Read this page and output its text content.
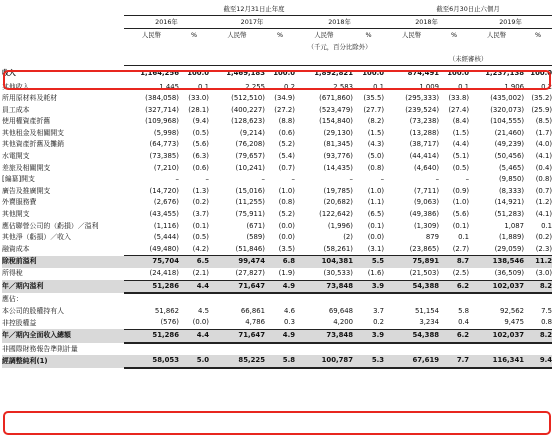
	截至12月31日止年度						截至6月30日止六個月			
	2016年		2017年		2018年		2018年		2019年	
	人民幣	%	人民幣	%	人民幣	%	人民幣	%	人民幣	%
					（千元，百分比除外）					
							（未經審核）			
收入	1,164,256	100.0	1,469,183	100.0	1,892,821	100.0	874,491	100.0	1,237,138	100.0
其他收入	1,445	0.1	2,255	0.2	2,583	0.1	1,009	0.1	1,906	0.2
所用原材料及耗材	(384,058)	(33.0)	(512,510)	(34.9)	(671,860)	(35.5)	(295,333)	(33.8)	(435,002)	(35.2)
員工成本	(327,714)	(28.1)	(400,227)	(27.2)	(523,479)	(27.7)	(239,524)	(27.4)	(320,073)	(25.9)
使用權資產折舊	(109,968)	(9.4)	(128,623)	(8.8)	(154,840)	(8.2)	(73,238)	(8.4)	(104,555)	(8.5)
其他租金及相關開支	(5,998)	(0.5)	(9,214)	(0.6)	(29,130)	(1.5)	(13,288)	(1.5)	(21,460)	(1.7)
其他資產折舊及攤銷	(64,773)	(5.6)	(76,208)	(5.2)	(81,345)	(4.3)	(38,717)	(4.4)	(49,239)	(4.0)
水電開支	(73,385)	(6.3)	(79,657)	(5.4)	(93,776)	(5.0)	(44,414)	(5.1)	(50,456)	(4.1)
差旅及相關開支	(7,210)	(0.6)	(10,241)	(0.7)	(14,435)	(0.8)	(4,640)	(0.5)	(5,465)	(0.4)
[編纂]開支	–	–	–	–	–	–	–	–	(9,850)	(0.8)
廣告及推廣開支	(14,720)	(1.3)	(15,016)	(1.0)	(19,785)	(1.0)	(7,711)	(0.9)	(8,333)	(0.7)
外賣服務費	(2,676)	(0.2)	(11,255)	(0.8)	(20,682)	(1.1)	(9,063)	(1.0)	(14,921)	(1.2)
其他開支	(43,455)	(3.7)	(75,911)	(5.2)	(122,642)	(6.5)	(49,386)	(5.6)	(51,283)	(4.1)
應佔聯營公司的（虧損）／溢利	(1,116)	(0.1)	(671)	(0.0)	(1,996)	(0.1)	(1,309)	(0.1)	1,087	0.1
其他淨（虧損）／收入	(5,444)	(0.5)	(589)	(0.0)	(2)	(0.0)	879	0.1	(1,889)	(0.2)
融資成本	(49,480)	(4.2)	(51,846)	(3.5)	(58,261)	(3.1)	(23,865)	(2.7)	(29,059)	(2.3)
除稅前溢利	75,704	6.5	99,474	6.8	104,381	5.5	75,891	8.7	138,546	11.2
所得稅	(24,418)	(2.1)	(27,827)	(1.9)	(30,533)	(1.6)	(21,503)	(2.5)	(36,509)	(3.0)
年／期內溢利	51,286	4.4	71,647	4.9	73,848	3.9	54,388	6.2	102,037	8.2
應佔：										
本公司的股權持有人	51,862	4.5	66,861	4.6	69,648	3.7	51,154	5.8	92,562	7.5
非控股權益	(576)	(0.0)	4,786	0.3	4,200	0.2	3,234	0.4	9,475	0.8
年／期內全面收入總額	51,286	4.4	71,647	4.9	73,848	3.9	54,388	6.2	102,037	8.2
非國際財務報告準則計量										
經調整純利(1)	58,053	5.0	85,225	5.8	100,787	5.3	67,619	7.7	116,341	9.4
